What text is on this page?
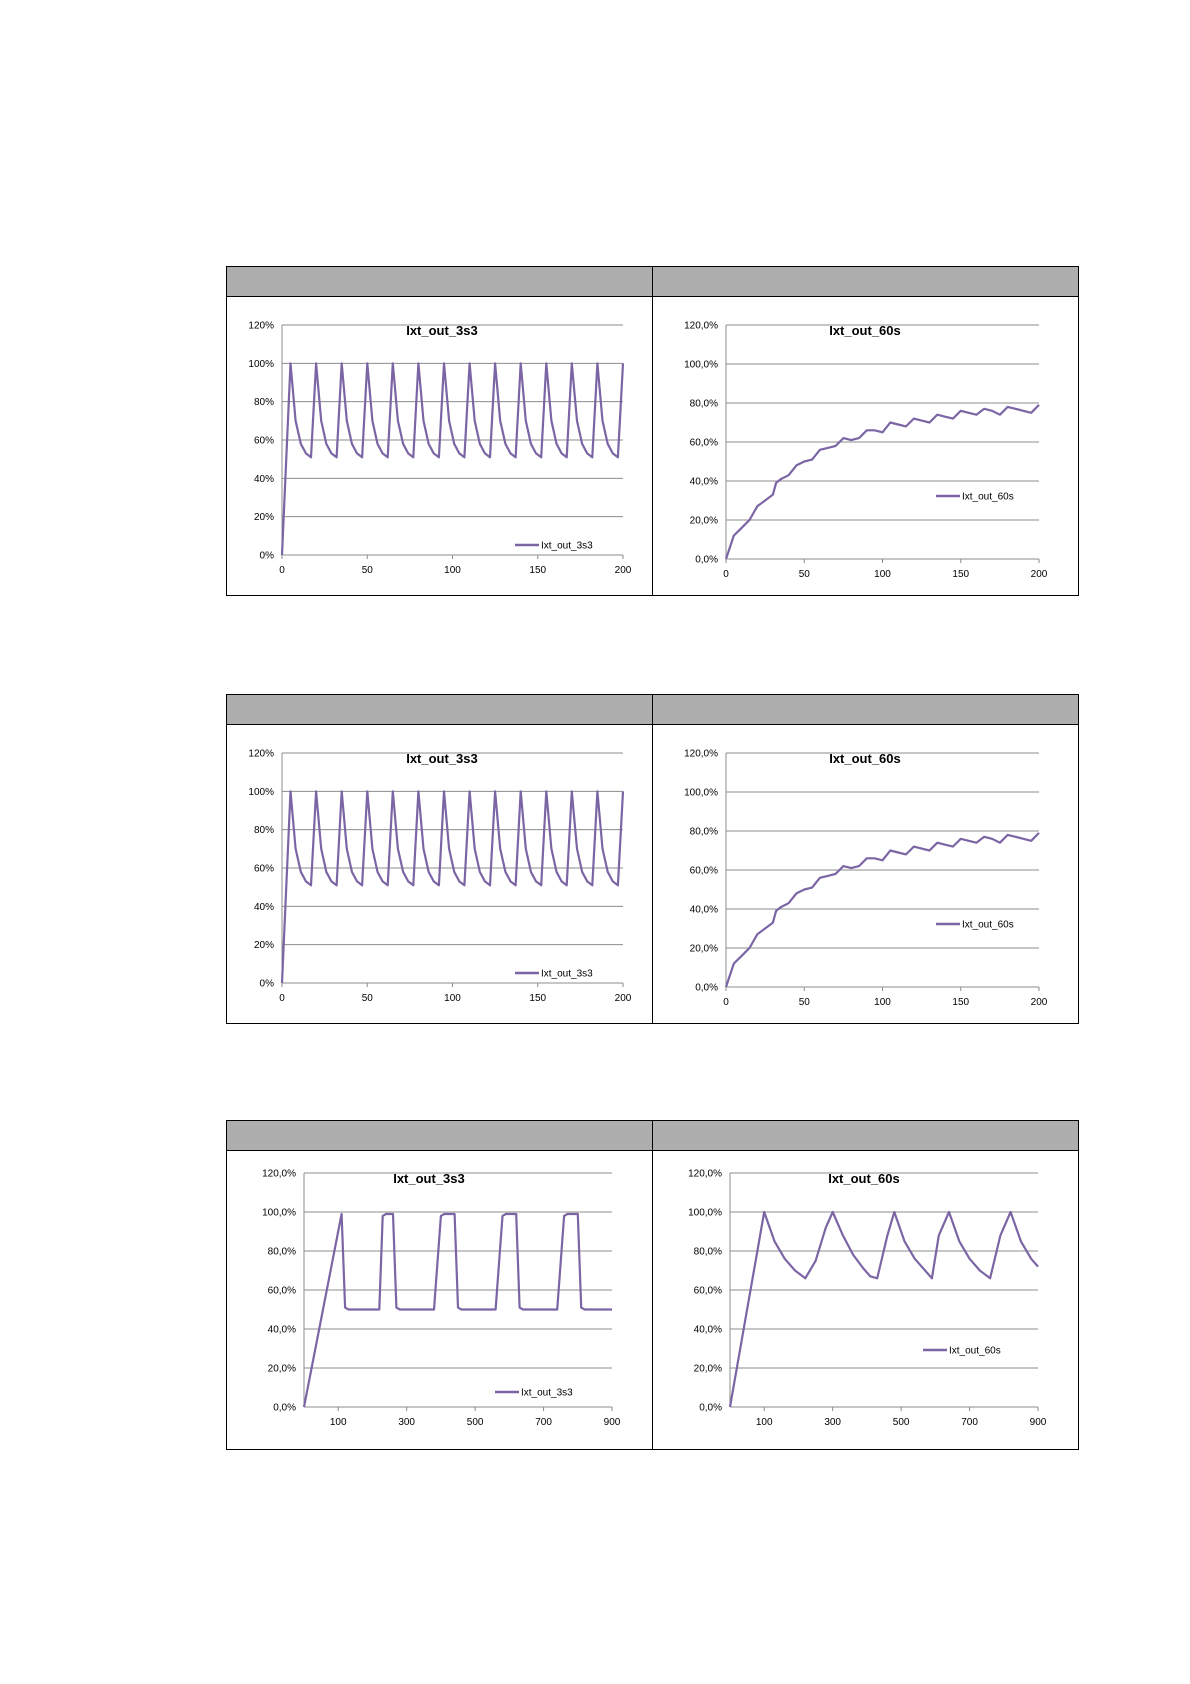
0%
20%
40%
60%
80%
100%
120%
0	50	100	150	200
Ixt_out_3s3
Ixt_out_3s3
0,0%
20,0%
40,0%
60,0%
80,0%
100,0%
120,0%
0	50	100	150	200
Ixt_out_60s
Ixt_out_60s
0%
20%
40%
60%
80%
100%
120%
0	50	100	150	200
Ixt_out_3s3
Ixt_out_3s3
0,0%
20,0%
40,0%
60,0%
80,0%
100,0%
120,0%
0	50	100	150	200
Ixt_out_60s
Ixt_out_60s
0,0%
20,0%
40,0%
60,0%
80,0%
100,0%
120,0%
100	300	500	700	900
Ixt_out_3s3
Ixt_out_3s3
0,0%
20,0%
40,0%
60,0%
80,0%
100,0%
120,0%
100	300	500	700	900
Ixt_out_60s
Ixt_out_60s
